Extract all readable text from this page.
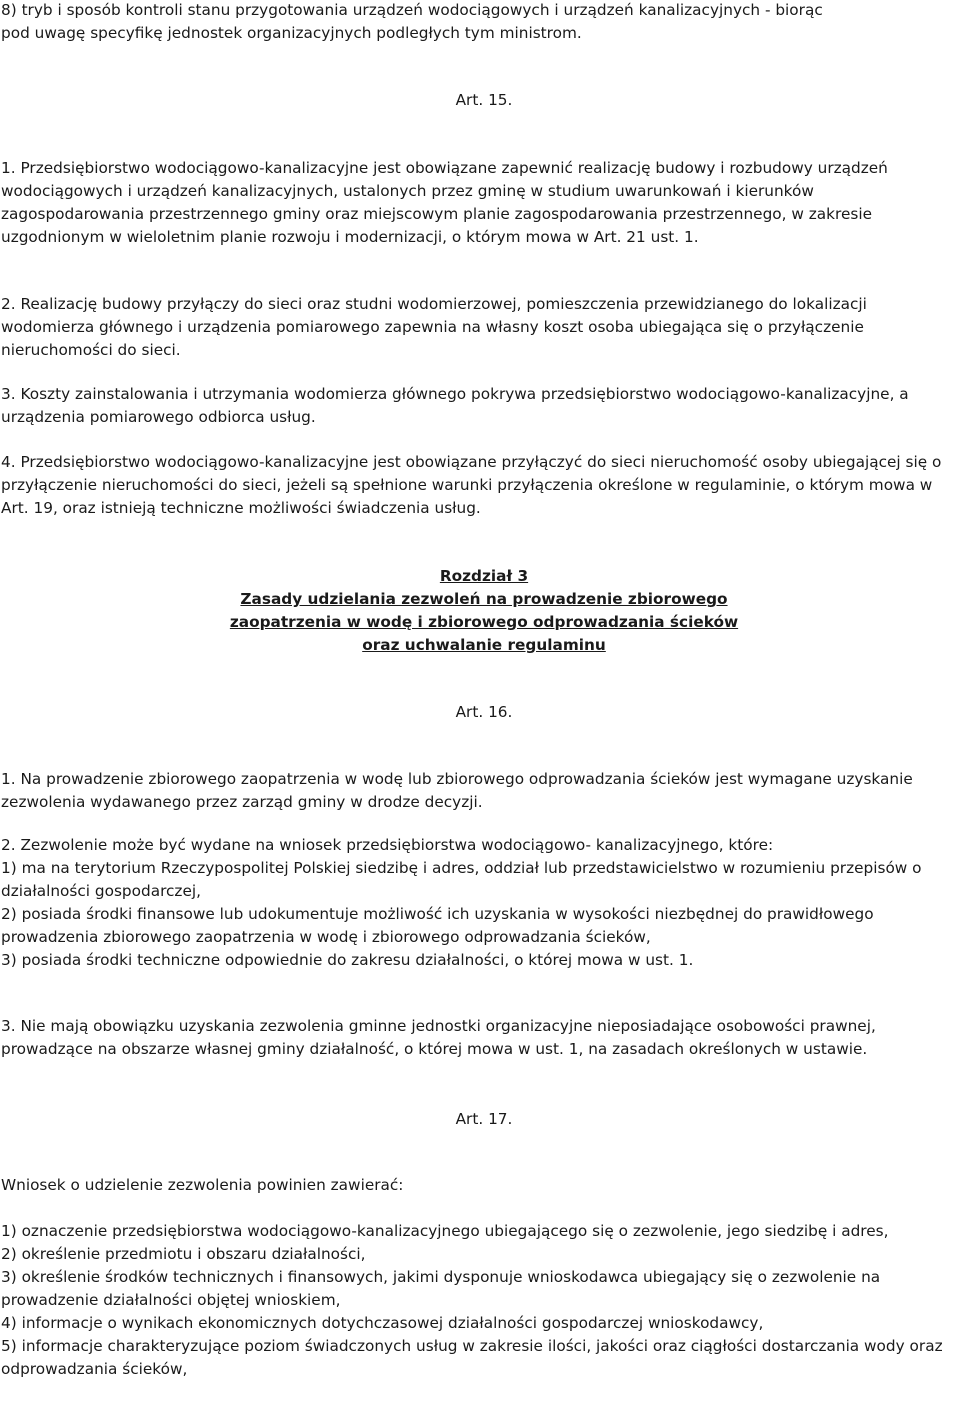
8) tryb i sposób kontroli stanu przygotowania urządzeń wodociągowych i urządzeń kanalizacyjnych - biorąc
pod uwagę specyfikę jednostek organizacyjnych podległych tym ministrom.

Art. 15.

1. Przedsiębiorstwo wodociągowo-kanalizacyjne jest obowiązane zapewnić realizację budowy i rozbudowy urządzeń wodociągowych i urządzeń kanalizacyjnych, ustalonych przez gminę w studium uwarunkowań i kierunków zagospodarowania przestrzennego gminy oraz miejscowym planie zagospodarowania przestrzennego, w zakresie uzgodnionym w wieloletnim planie rozwoju i modernizacji, o którym mowa w Art. 21 ust. 1.

2. Realizację budowy przyłączy do sieci oraz studni wodomierzowej, pomieszczenia przewidzianego do lokalizacji wodomierza głównego i urządzenia pomiarowego zapewnia na własny koszt osoba ubiegająca się o przyłączenie nieruchomości do sieci.

3. Koszty zainstalowania i utrzymania wodomierza głównego pokrywa przedsiębiorstwo wodociągowo-kanalizacyjne, a urządzenia pomiarowego odbiorca usług.

4. Przedsiębiorstwo wodociągowo-kanalizacyjne jest obowiązane przyłączyć do sieci nieruchomość osoby ubiegającej się o przyłączenie nieruchomości do sieci, jeżeli są spełnione warunki przyłączenia określone w regulaminie, o którym mowa w Art. 19, oraz istnieją techniczne możliwości świadczenia usług.

Rozdział 3
Zasady udzielania zezwoleń na prowadzenie zbiorowego
zaopatrzenia w wodę i zbiorowego odprowadzania ścieków
oraz uchwalanie regulaminu

Art. 16.

1. Na prowadzenie zbiorowego zaopatrzenia w wodę lub zbiorowego odprowadzania ścieków jest wymagane uzyskanie zezwolenia wydawanego przez zarząd gminy w drodze decyzji.

2. Zezwolenie może być wydane na wniosek przedsiębiorstwa wodociągowo- kanalizacyjnego, które:

1) ma na terytorium Rzeczypospolitej Polskiej siedzibę i adres, oddział lub przedstawicielstwo w rozumieniu przepisów o działalności gospodarczej,

2) posiada środki finansowe lub udokumentuje możliwość ich uzyskania w wysokości niezbędnej do prawidłowego prowadzenia zbiorowego zaopatrzenia w wodę i zbiorowego odprowadzania ścieków,

3) posiada środki techniczne odpowiednie do zakresu działalności, o której mowa w ust. 1.

3. Nie mają obowiązku uzyskania zezwolenia gminne jednostki organizacyjne nieposiadające osobowości prawnej, prowadzące na obszarze własnej gminy działalność, o której mowa w ust. 1, na zasadach określonych w ustawie.

Art. 17.

Wniosek o udzielenie zezwolenia powinien zawierać:

1) oznaczenie przedsiębiorstwa wodociągowo-kanalizacyjnego ubiegającego się o zezwolenie, jego siedzibę i adres,

2) określenie przedmiotu i obszaru działalności,

3) określenie środków technicznych i finansowych, jakimi dysponuje wnioskodawca ubiegający się o zezwolenie na prowadzenie działalności objętej wnioskiem,

4) informacje o wynikach ekonomicznych dotychczasowej działalności gospodarczej wnioskodawcy,

5) informacje charakteryzujące poziom świadczonych usług w zakresie ilości, jakości oraz ciągłości dostarczania wody oraz odprowadzania ścieków,
